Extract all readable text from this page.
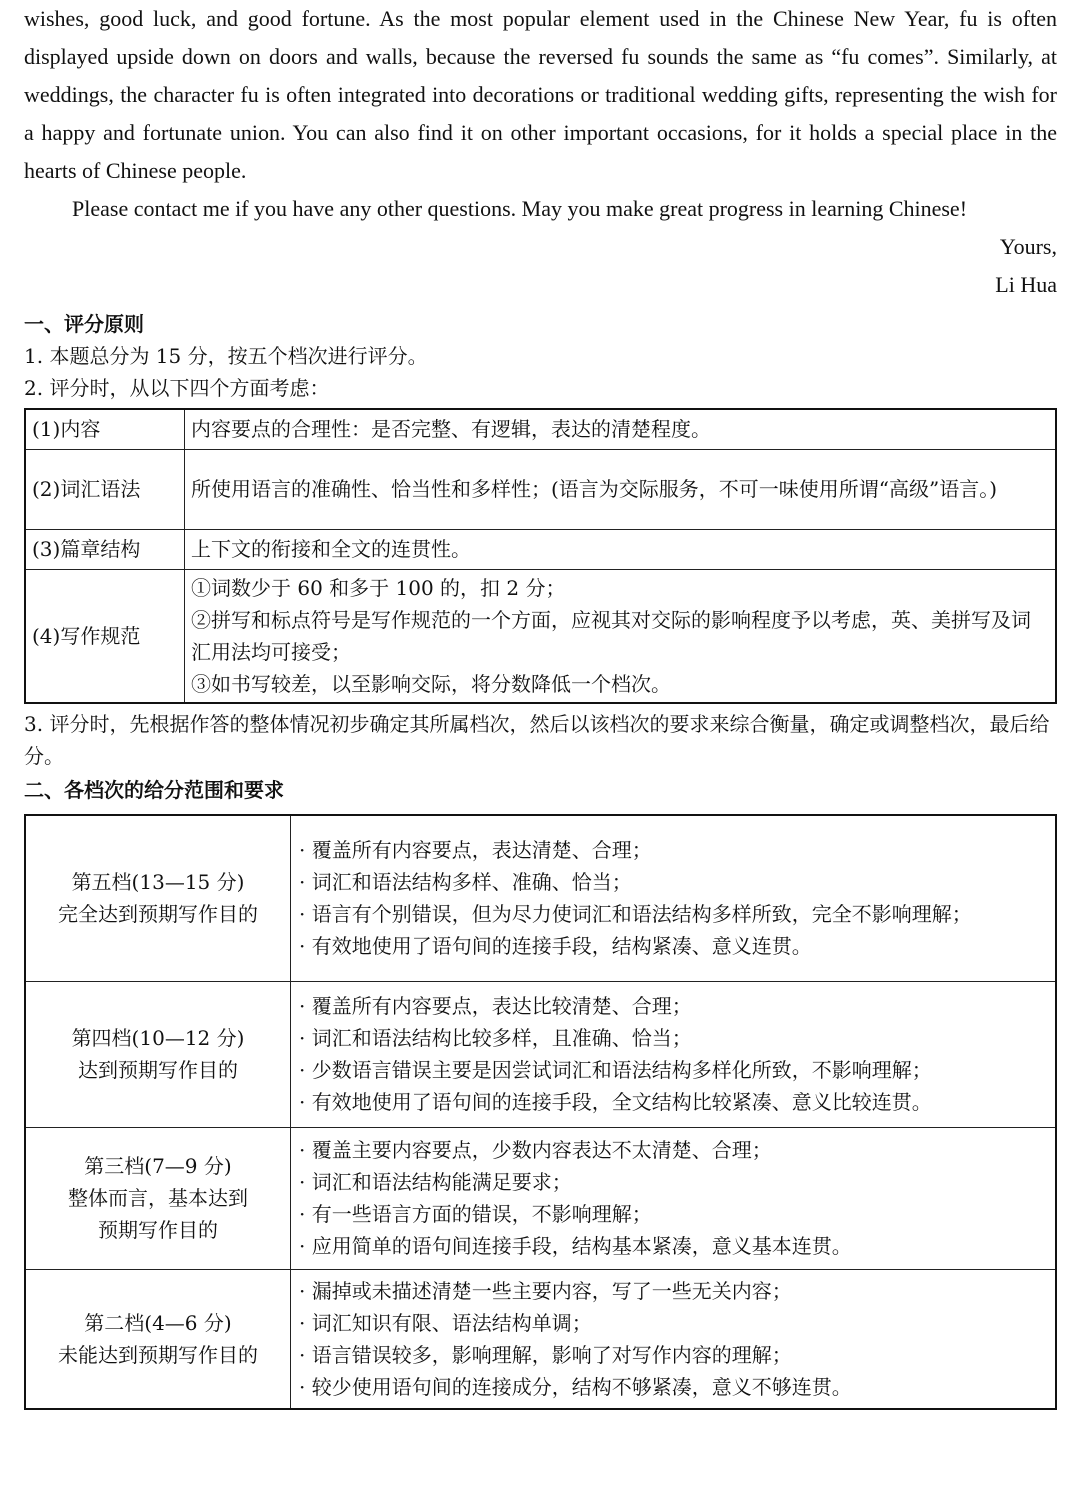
wishes, good luck, and good fortune. As the most popular element used in the Chinese New Year, fu is often displayed upside down on doors and walls, because the reversed fu sounds the same as “fu comes”. Similarly, at weddings, the character fu is often integrated into decorations or traditional wedding gifts, representing the wish for a happy and fortunate union. You can also find it on other important occasions, for it holds a special place in the hearts of Chinese people.

Please contact me if you have any other questions. May you make great progress in learning Chinese!

Yours,

Li Hua

一、评分原则

1. 本题总分为 15 分，按五个档次进行评分。

2. 评分时，从以下四个方面考虑：

(1)内容	内容要点的合理性：是否完整、有逻辑，表达的清楚程度。

(2)词汇语法	所使用语言的准确性、恰当性和多样性；(语言为交际服务，不可一味使用所谓“高级”语言。)

(3)篇章结构	上下文的衔接和全文的连贯性。

(4)写作规范	①词数少于 60 和多于 100 的，扣 2 分；
②拼写和标点符号是写作规范的一个方面，应视其对交际的影响程度予以考虑，英、美拼写及词汇用法均可接受；
③如书写较差，以至影响交际，将分数降低一个档次。

3. 评分时，先根据作答的整体情况初步确定其所属档次，然后以该档次的要求来综合衡量，确定或调整档次，最后给分。

二、各档次的给分范围和要求

第五档(13—15 分)
完全达到预期写作目的	· 覆盖所有内容要点，表达清楚、合理；
· 词汇和语法结构多样、准确、恰当；
· 语言有个别错误，但为尽力使词汇和语法结构多样所致，完全不影响理解；
· 有效地使用了语句间的连接手段，结构紧凑、意义连贯。

第四档(10—12 分)
达到预期写作目的	· 覆盖所有内容要点，表达比较清楚、合理；
· 词汇和语法结构比较多样，且准确、恰当；
· 少数语言错误主要是因尝试词汇和语法结构多样化所致，不影响理解；
· 有效地使用了语句间的连接手段，全文结构比较紧凑、意义比较连贯。

第三档(7—9 分)
整体而言，基本达到
预期写作目的	· 覆盖主要内容要点，少数内容表达不太清楚、合理；
· 词汇和语法结构能满足要求；
· 有一些语言方面的错误，不影响理解；
· 应用简单的语句间连接手段，结构基本紧凑，意义基本连贯。

第二档(4—6 分)
未能达到预期写作目的	· 漏掉或未描述清楚一些主要内容，写了一些无关内容；
· 词汇知识有限、语法结构单调；
· 语言错误较多，影响理解，影响了对写作内容的理解；
· 较少使用语句间的连接成分，结构不够紧凑，意义不够连贯。
